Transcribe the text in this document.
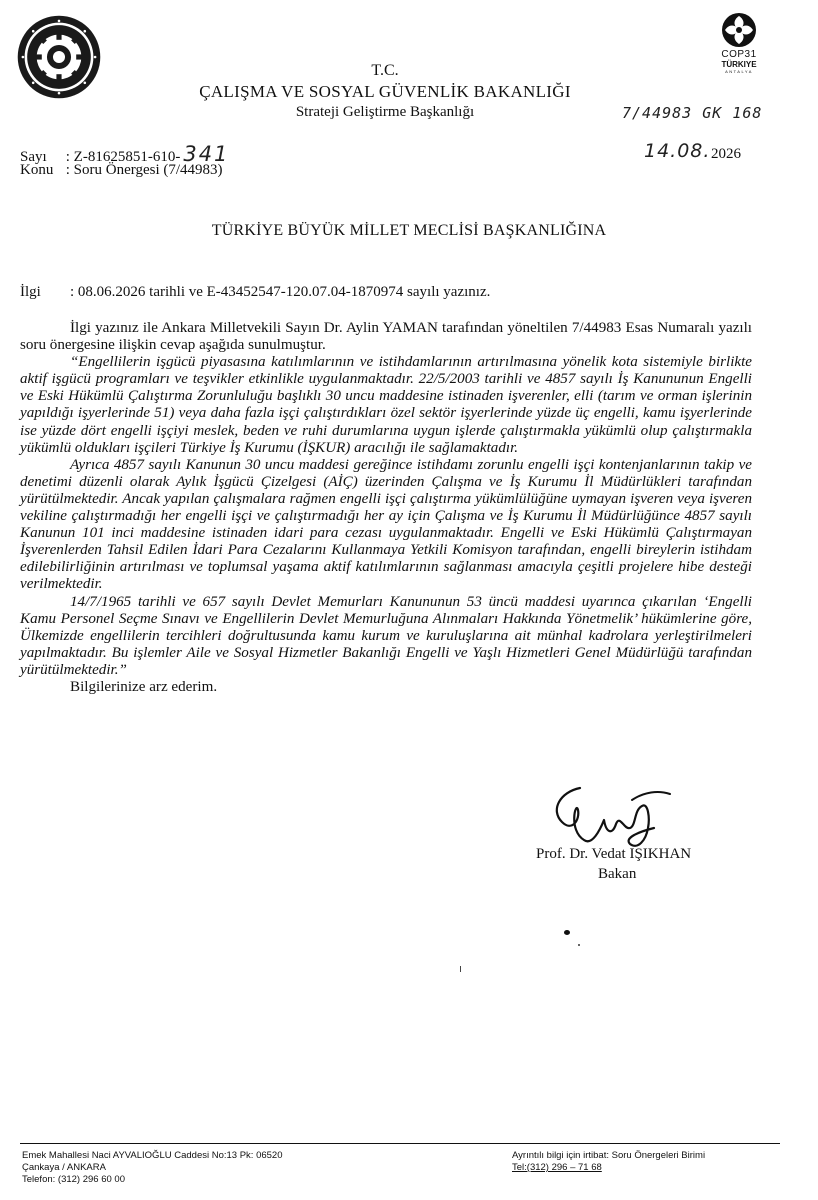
COP31
TÜRKIYE
ANTALYA
T.C.
ÇALIŞMA VE SOSYAL GÜVENLİK BAKANLIĞI
Strateji Geliştirme Başkanlığı	7/44983 GK 168
14.08. 2026
Sayı : Z-81625851-610- 341
Konu : Soru Önergesi (7/44983)
TÜRKİYE BÜYÜK MİLLET MECLİSİ BAŞKANLIĞINA
İlgi : 08.06.2026 tarihli ve E-43452547-120.07.04-1870974 sayılı yazınız.

İlgi yazınız ile Ankara Milletvekili Sayın Dr. Aylin YAMAN tarafından yöneltilen 7/44983 Esas Numaralı yazılı soru önergesine ilişkin cevap aşağıda sunulmuştur.

“Engellilerin işgücü piyasasına katılımlarının ve istihdamlarının artırılmasına yönelik kota sistemiyle birlikte aktif işgücü programları ve teşvikler etkinlikle uygulanmaktadır. 22/5/2003 tarihli ve 4857 sayılı İş Kanununun Engelli ve Eski Hükümlü Çalıştırma Zorunluluğu başlıklı 30 uncu maddesine istinaden işverenler, elli (tarım ve orman işlerinin yapıldığı işyerlerinde 51) veya daha fazla işçi çalıştırdıkları özel sektör işyerlerinde yüzde üç engelli, kamu işyerlerinde ise yüzde dört engelli işçiyi meslek, beden ve ruhi durumlarına uygun işlerde çalıştırmakla yükümlü olup çalıştırmakla yükümlü oldukları işçileri Türkiye İş Kurumu (İŞKUR) aracılığı ile sağlamaktadır.

Ayrıca 4857 sayılı Kanunun 30 uncu maddesi gereğince istihdamı zorunlu engelli işçi kontenjanlarının takip ve denetimi düzenli olarak Aylık İşgücü Çizelgesi (AİÇ) üzerinden Çalışma ve İş Kurumu İl Müdürlükleri tarafından yürütülmektedir. Ancak yapılan çalışmalara rağmen engelli işçi çalıştırma yükümlülüğüne uymayan işveren veya işveren vekiline çalıştırmadığı her engelli işçi ve çalıştırmadığı her ay için Çalışma ve İş Kurumu İl Müdürlüğünce 4857 sayılı Kanunun 101 inci maddesine istinaden idari para cezası uygulanmaktadır. Engelli ve Eski Hükümlü Çalıştırmayan İşverenlerden Tahsil Edilen İdari Para Cezalarını Kullanmaya Yetkili Komisyon tarafından, engelli bireylerin istihdam edilebilirliğinin artırılması ve toplumsal yaşama aktif katılımlarının sağlanması amacıyla çeşitli projelere hibe desteği verilmektedir.

14/7/1965 tarihli ve 657 sayılı Devlet Memurları Kanununun 53 üncü maddesi uyarınca çıkarılan ‘Engelli Kamu Personel Seçme Sınavı ve Engellilerin Devlet Memurluğuna Alınmaları Hakkında Yönetmelik’ hükümlerine göre, Ülkemizde engellilerin tercihleri doğrultusunda kamu kurum ve kuruluşlarına ait münhal kadrolara yerleştirilmeleri yapılmaktadır. Bu işlemler Aile ve Sosyal Hizmetler Bakanlığı Engelli ve Yaşlı Hizmetleri Genel Müdürlüğü tarafından yürütülmektedir.”

Bilgilerinize arz ederim.

Prof. Dr. Vedat IŞIKHAN
Bakan
Emek Mahallesi Naci AYVALIOĞLU Caddesi No:13 Pk: 06520
Çankaya / ANKARA
Telefon: (312) 296 60 00
Ayrıntılı bilgi için irtibat: Soru Önergeleri Birimi
Tel:(312) 296 – 71 68
